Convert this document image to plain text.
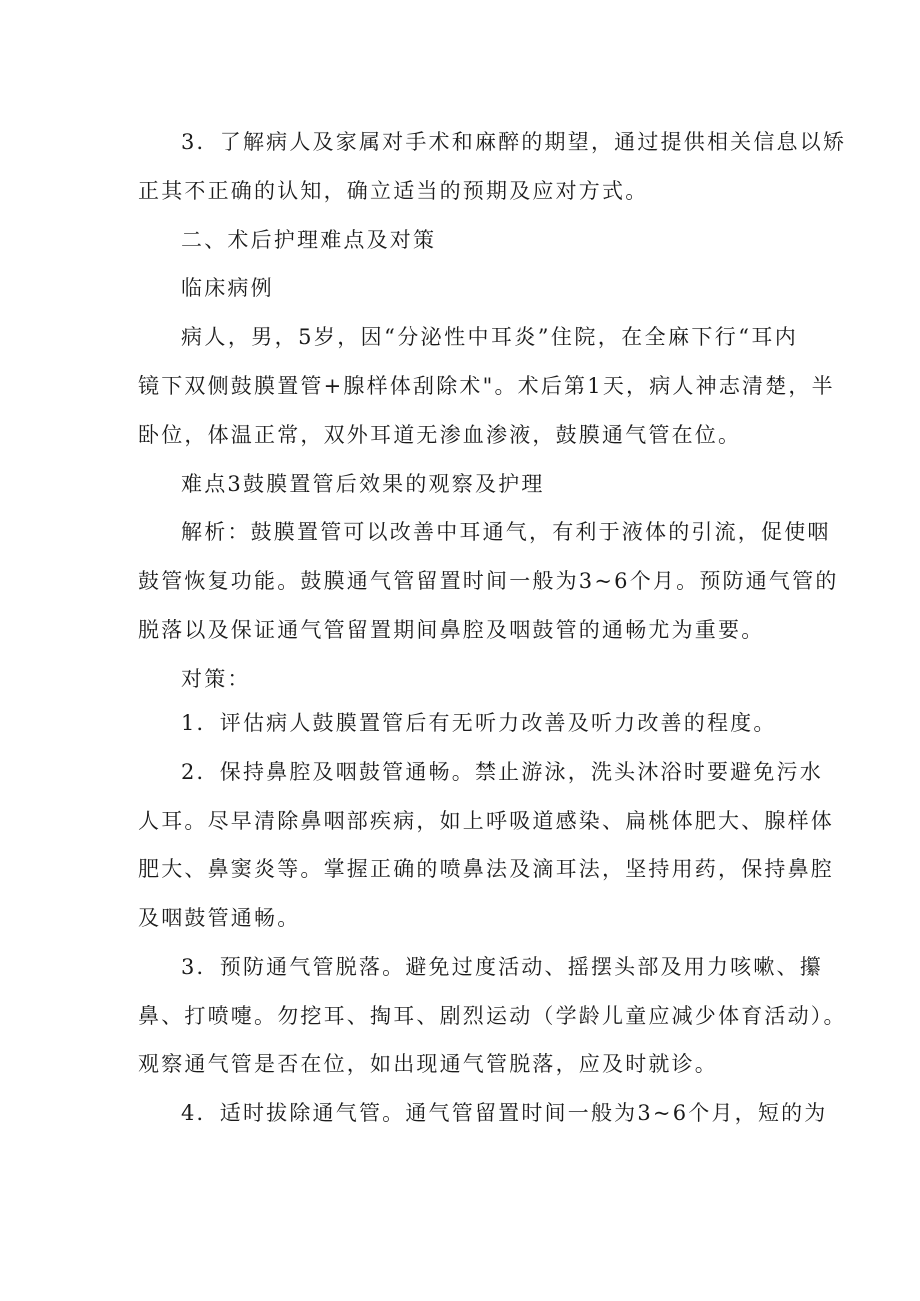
3．了解病人及家属对手术和麻醉的期望，通过提供相关信息以矫
正其不正确的认知，确立适当的预期及应对方式。
二、术后护理难点及对策
临床病例
病人，男，5岁，因“分泌性中耳炎”住院，在全麻下行“耳内
镜下双侧鼓膜置管+腺样体刮除术"。术后第1天，病人神志清楚，半
卧位，体温正常，双外耳道无渗血渗液，鼓膜通气管在位。
难点3鼓膜置管后效果的观察及护理
解析：鼓膜置管可以改善中耳通气，有利于液体的引流，促使咽
鼓管恢复功能。鼓膜通气管留置时间一般为3~6个月。预防通气管的
脱落以及保证通气管留置期间鼻腔及咽鼓管的通畅尤为重要。
对策：
1．评估病人鼓膜置管后有无听力改善及听力改善的程度。
2．保持鼻腔及咽鼓管通畅。禁止游泳，洗头沐浴时要避免污水
人耳。尽早清除鼻咽部疾病，如上呼吸道感染、扁桃体肥大、腺样体
肥大、鼻窦炎等。掌握正确的喷鼻法及滴耳法，坚持用药，保持鼻腔
及咽鼓管通畅。
3．预防通气管脱落。避免过度活动、摇摆头部及用力咳嗽、攥
鼻、打喷嚏。勿挖耳、掏耳、剧烈运动（学龄儿童应减少体育活动）。
观察通气管是否在位，如出现通气管脱落，应及时就诊。
4．适时拔除通气管。通气管留置时间一般为3~6个月，短的为
